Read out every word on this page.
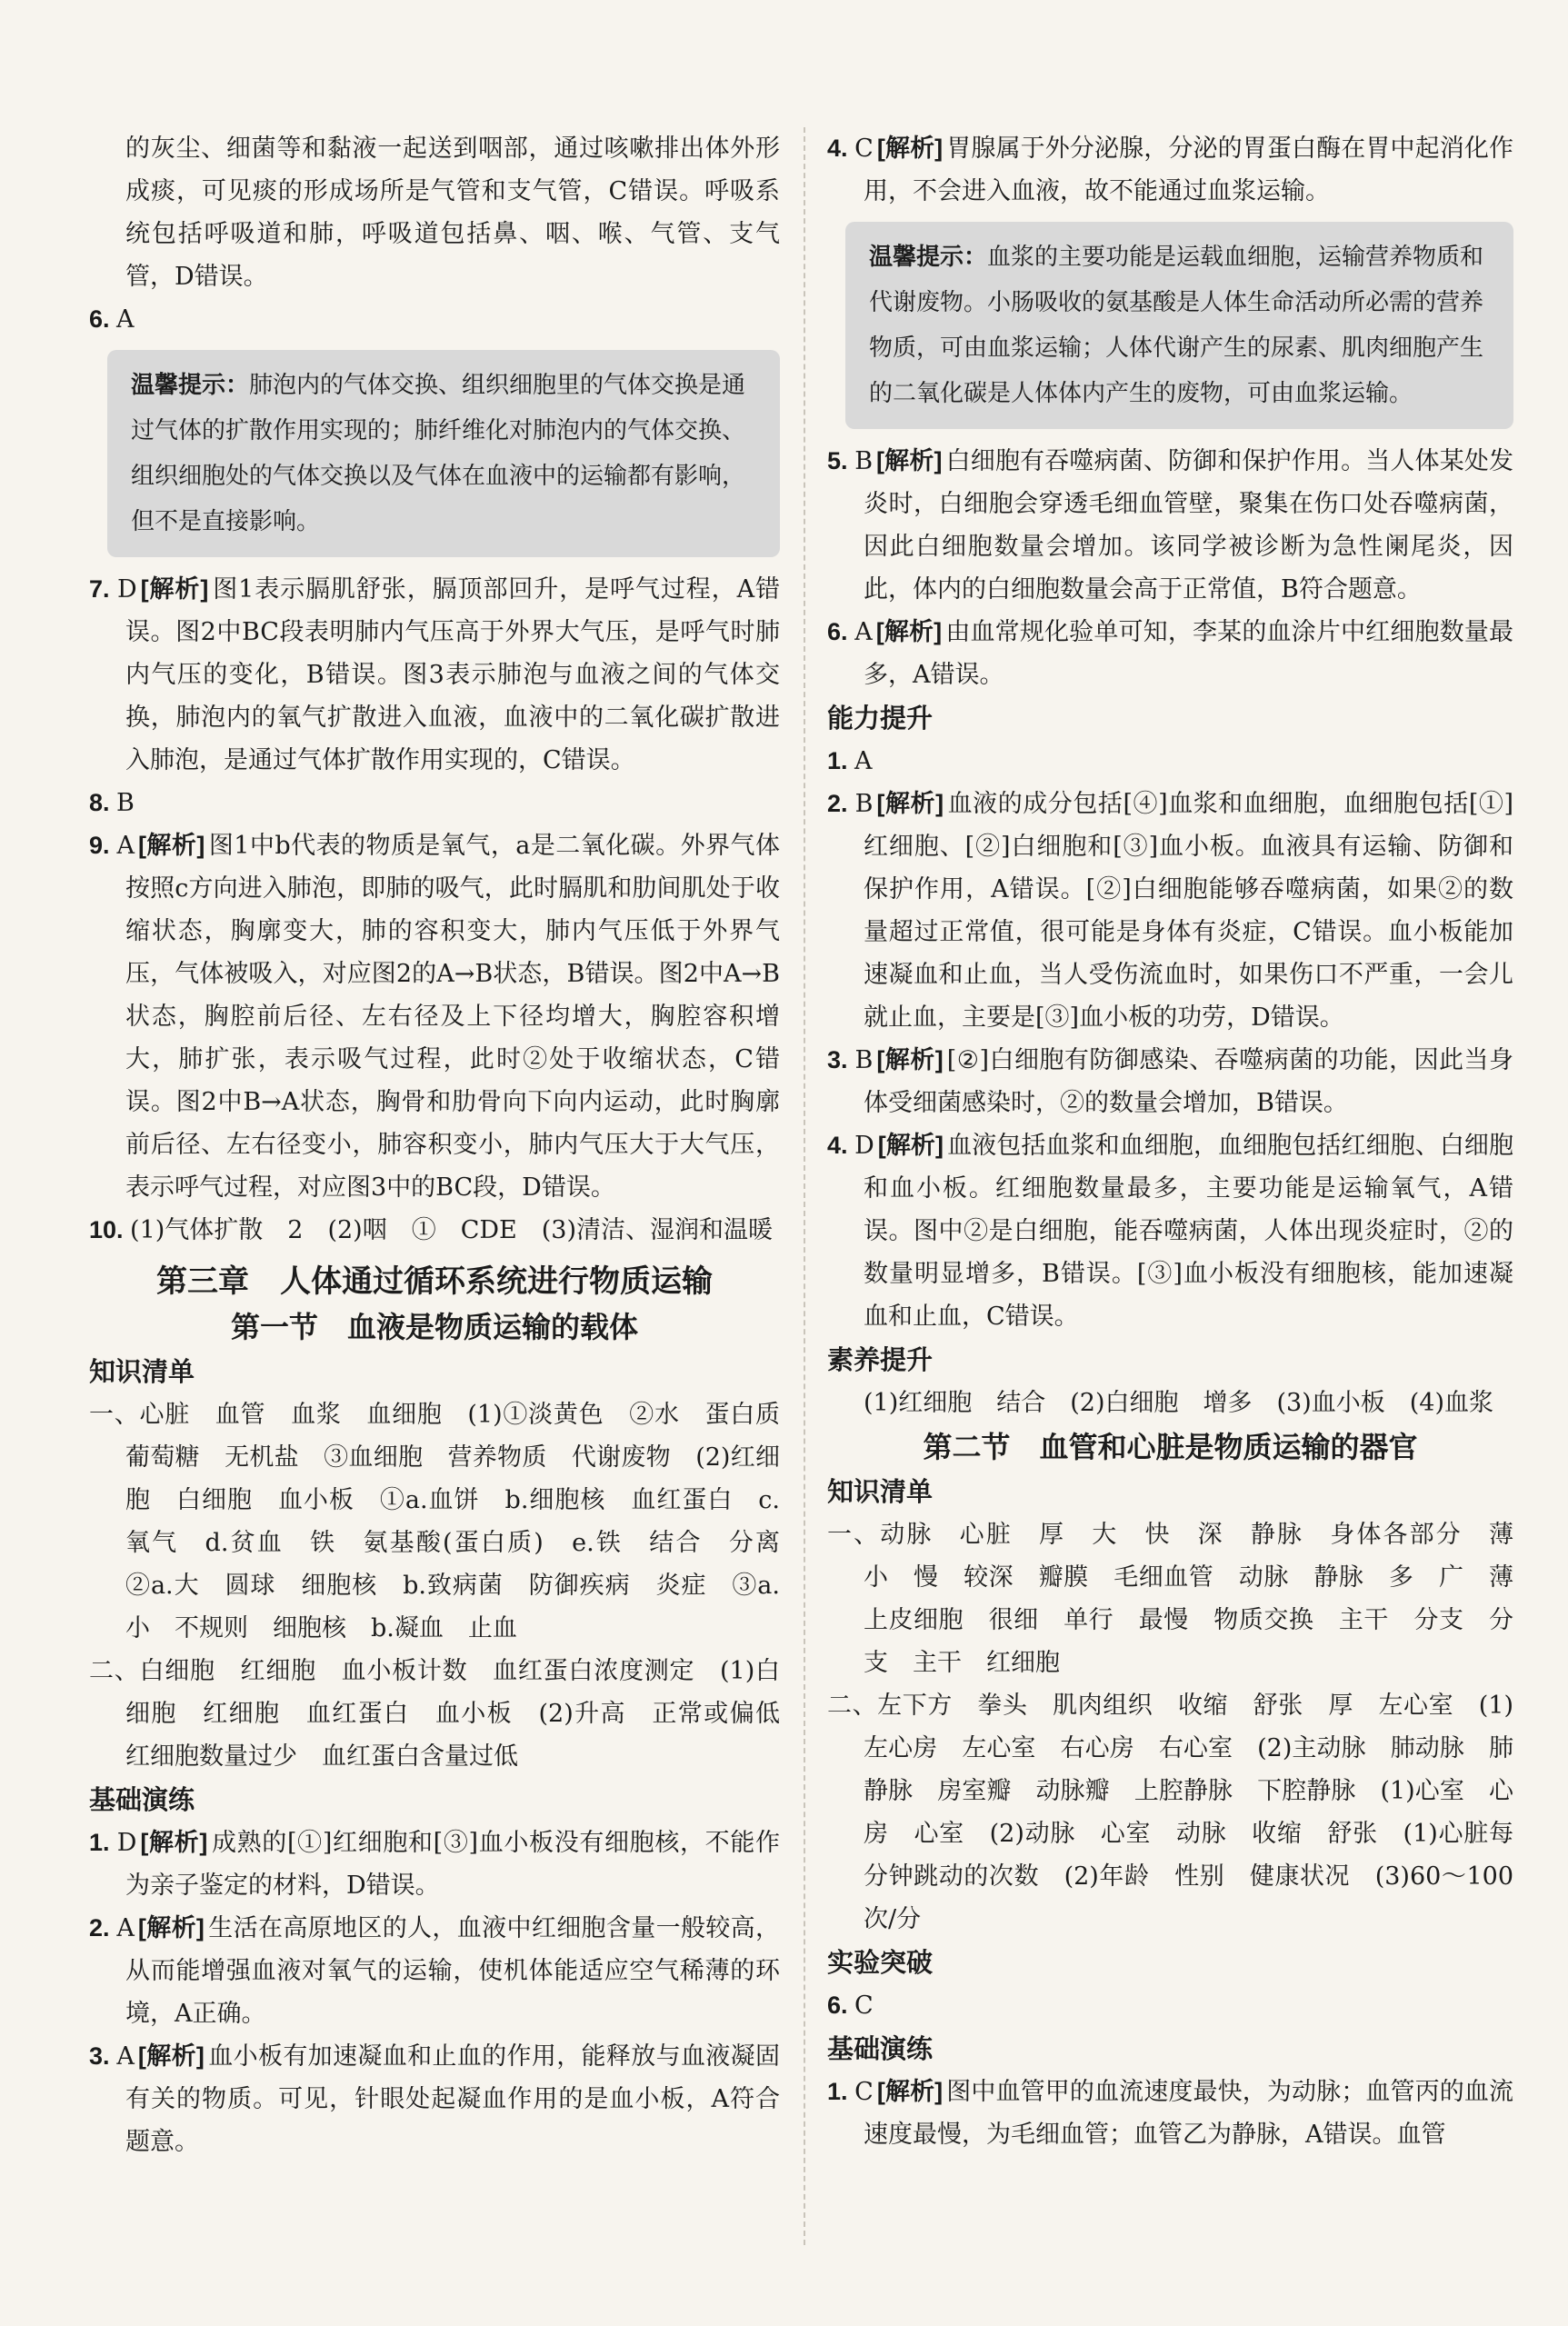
的灰尘、细菌等和黏液一起送到咽部，通过咳嗽排出体外形成痰，可见痰的形成场所是气管和支气管，C错误。呼吸系统包括呼吸道和肺，呼吸道包括鼻、咽、喉、气管、支气管，D错误。

6. A

温馨提示：肺泡内的气体交换、组织细胞里的气体交换是通过气体的扩散作用实现的；肺纤维化对肺泡内的气体交换、组织细胞处的气体交换以及气体在血液中的运输都有影响，但不是直接影响。

7. D [解析] 图1表示膈肌舒张，膈顶部回升，是呼气过程，A错误。图2中BC段表明肺内气压高于外界大气压，是呼气时肺内气压的变化，B错误。图3表示肺泡与血液之间的气体交换，肺泡内的氧气扩散进入血液，血液中的二氧化碳扩散进入肺泡，是通过气体扩散作用实现的，C错误。

8. B

9. A [解析] 图1中b代表的物质是氧气，a是二氧化碳。外界气体按照c方向进入肺泡，即肺的吸气，此时膈肌和肋间肌处于收缩状态，胸廓变大，肺的容积变大，肺内气压低于外界气压，气体被吸入，对应图2的A→B状态，B错误。图2中A→B状态，胸腔前后径、左右径及上下径均增大，胸腔容积增大，肺扩张，表示吸气过程，此时②处于收缩状态，C错误。图2中B→A状态，胸骨和肋骨向下向内运动，此时胸廓前后径、左右径变小，肺容积变小，肺内气压大于大气压，表示呼气过程，对应图3中的BC段，D错误。

10. (1)气体扩散　2　(2)咽　①　CDE　(3)清洁、湿润和温暖

第三章　人体通过循环系统进行物质运输
第一节　血液是物质运输的载体
知识清单

一、心脏　血管　血浆　血细胞　(1)①淡黄色　②水　蛋白质　葡萄糖　无机盐　③血细胞　营养物质　代谢废物　(2)红细胞　白细胞　血小板　①a.血饼　b.细胞核　血红蛋白　c.氧气　d.贫血　铁　氨基酸(蛋白质)　e.铁　结合　分离　②a.大　圆球　细胞核　b.致病菌　防御疾病　炎症　③a.小　不规则　细胞核　b.凝血　止血

二、白细胞　红细胞　血小板计数　血红蛋白浓度测定　(1)白细胞　红细胞　血红蛋白　血小板　(2)升高　正常或偏低　红细胞数量过少　血红蛋白含量过低

基础演练

1. D [解析] 成熟的[①]红细胞和[③]血小板没有细胞核，不能作为亲子鉴定的材料，D错误。

2. A [解析] 生活在高原地区的人，血液中红细胞含量一般较高，从而能增强血液对氧气的运输，使机体能适应空气稀薄的环境，A正确。

3. A [解析] 血小板有加速凝血和止血的作用，能释放与血液凝固有关的物质。可见，针眼处起凝血作用的是血小板，A符合题意。

4. C [解析] 胃腺属于外分泌腺，分泌的胃蛋白酶在胃中起消化作用，不会进入血液，故不能通过血浆运输。

温馨提示：血浆的主要功能是运载血细胞，运输营养物质和代谢废物。小肠吸收的氨基酸是人体生命活动所必需的营养物质，可由血浆运输；人体代谢产生的尿素、肌肉细胞产生的二氧化碳是人体体内产生的废物，可由血浆运输。

5. B [解析] 白细胞有吞噬病菌、防御和保护作用。当人体某处发炎时，白细胞会穿透毛细血管壁，聚集在伤口处吞噬病菌，因此白细胞数量会增加。该同学被诊断为急性阑尾炎，因此，体内的白细胞数量会高于正常值，B符合题意。

6. A [解析] 由血常规化验单可知，李某的血涂片中红细胞数量最多，A错误。

能力提升

1. A

2. B [解析] 血液的成分包括[④]血浆和血细胞，血细胞包括[①]红细胞、[②]白细胞和[③]血小板。血液具有运输、防御和保护作用，A错误。[②]白细胞能够吞噬病菌，如果②的数量超过正常值，很可能是身体有炎症，C错误。血小板能加速凝血和止血，当人受伤流血时，如果伤口不严重，一会儿就止血，主要是[③]血小板的功劳，D错误。

3. B [解析] [②]白细胞有防御感染、吞噬病菌的功能，因此当身体受细菌感染时，②的数量会增加，B错误。

4. D [解析] 血液包括血浆和血细胞，血细胞包括红细胞、白细胞和血小板。红细胞数量最多，主要功能是运输氧气，A错误。图中②是白细胞，能吞噬病菌，人体出现炎症时，②的数量明显增多，B错误。[③]血小板没有细胞核，能加速凝血和止血，C错误。

素养提升

(1)红细胞　结合　(2)白细胞　增多　(3)血小板　(4)血浆

第二节　血管和心脏是物质运输的器官
知识清单

一、动脉　心脏　厚　大　快　深　静脉　身体各部分　薄　小　慢　较深　瓣膜　毛细血管　动脉　静脉　多　广　薄　上皮细胞　很细　单行　最慢　物质交换　主干　分支　分支　主干　红细胞

二、左下方　拳头　肌肉组织　收缩　舒张　厚　左心室　(1)左心房　左心室　右心房　右心室　(2)主动脉　肺动脉　肺静脉　房室瓣　动脉瓣　上腔静脉　下腔静脉　(1)心室　心房　心室　(2)动脉　心室　动脉　收缩　舒张　(1)心脏每分钟跳动的次数　(2)年龄　性别　健康状况　(3)60～100次/分

实验突破

6. C

基础演练

1. C [解析] 图中血管甲的血流速度最快，为动脉；血管丙的血流速度最慢，为毛细血管；血管乙为静脉，A错误。血管
